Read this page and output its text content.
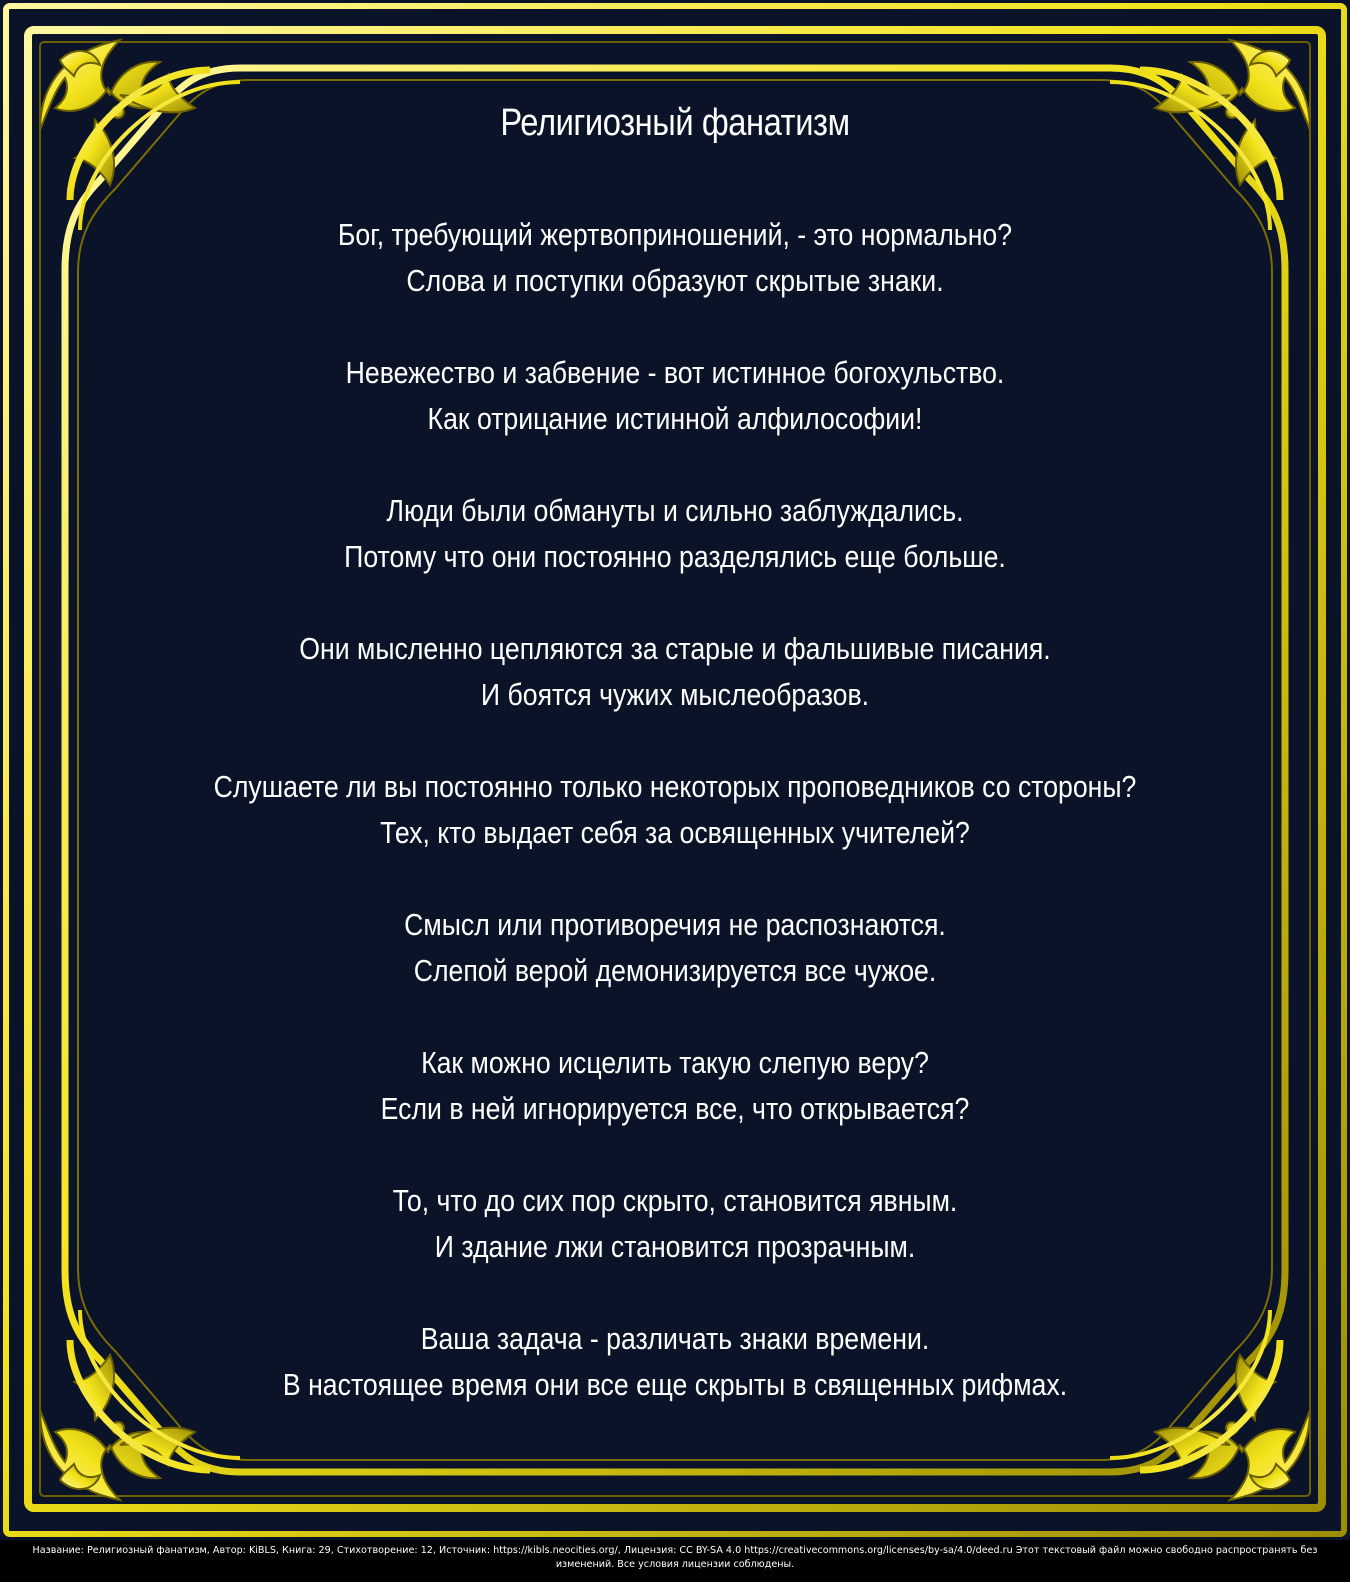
Религиозный фанатизм
Бог, требующий жертвоприношений, - это нормально?
Слова и поступки образуют скрытые знаки.
Невежество и забвение - вот истинное богохульство.
Как отрицание истинной алфилософии!
Люди были обмануты и сильно заблуждались.
Потому что они постоянно разделялись еще больше.
Они мысленно цепляются за старые и фальшивые писания.
И боятся чужих мыслеобразов.
Слушаете ли вы постоянно только некоторых проповедников со стороны?
Тех, кто выдает себя за освященных учителей?
Смысл или противоречия не распознаются.
Слепой верой демонизируется все чужое.
Как можно исцелить такую слепую веру?
Если в ней игнорируется все, что открывается?
То, что до сих пор скрыто, становится явным.
И здание лжи становится прозрачным.
Ваша задача - различать знаки времени.
В настоящее время они все еще скрыты в священных рифмах.
Название: Религиозный фанатизм, Автор: KiBLS, Книга: 29, Стихотворение: 12, Источник: https://kibls.neocities.org/, Лицензия: CC BY-SA 4.0 https://creativecommons.org/licenses/by-sa/4.0/deed.ru Этот текстовый файл можно свободно распространять без
изменений. Все условия лицензии соблюдены.
